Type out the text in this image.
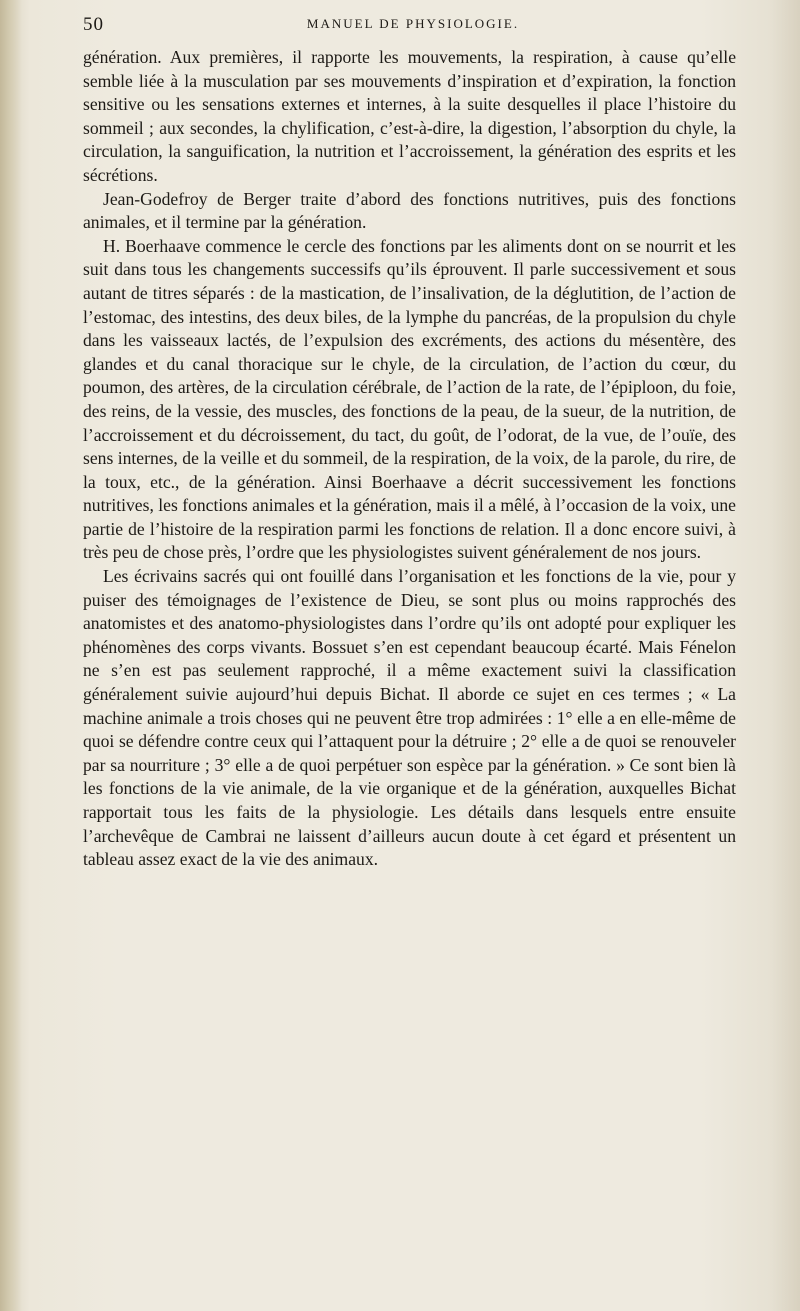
50	MANUEL DE PHYSIOLOGIE.

génération. Aux premières, il rapporte les mouvements, la respiration, à cause qu’elle semble liée à la musculation par ses mouvements d’inspiration et d’expiration, la fonction sensitive ou les sensations externes et internes, à la suite desquelles il place l’histoire du sommeil ; aux secondes, la chylification, c’est-à-dire, la digestion, l’absorption du chyle, la circulation, la sanguification, la nutrition et l’accroissement, la génération des esprits et les sécrétions.

Jean-Godefroy de Berger traite d’abord des fonctions nutritives, puis des fonctions animales, et il termine par la génération.

H. Boerhaave commence le cercle des fonctions par les aliments dont on se nourrit et les suit dans tous les changements successifs qu’ils éprouvent. Il parle successivement et sous autant de titres séparés : de la mastication, de l’insalivation, de la déglutition, de l’action de l’estomac, des intestins, des deux biles, de la lymphe du pancréas, de la propulsion du chyle dans les vaisseaux lactés, de l’expulsion des excréments, des actions du mésentère, des glandes et du canal thoracique sur le chyle, de la circulation, de l’action du cœur, du poumon, des artères, de la circulation cérébrale, de l’action de la rate, de l’épiploon, du foie, des reins, de la vessie, des muscles, des fonctions de la peau, de la sueur, de la nutrition, de l’accroissement et du décroissement, du tact, du goût, de l’odorat, de la vue, de l’ouïe, des sens internes, de la veille et du sommeil, de la respiration, de la voix, de la parole, du rire, de la toux, etc., de la génération. Ainsi Boerhaave a décrit successivement les fonctions nutritives, les fonctions animales et la génération, mais il a mêlé, à l’occasion de la voix, une partie de l’histoire de la respiration parmi les fonctions de relation. Il a donc encore suivi, à très peu de chose près, l’ordre que les physiologistes suivent généralement de nos jours.

Les écrivains sacrés qui ont fouillé dans l’organisation et les fonctions de la vie, pour y puiser des témoignages de l’existence de Dieu, se sont plus ou moins rapprochés des anatomistes et des anatomo-physiologistes dans l’ordre qu’ils ont adopté pour expliquer les phénomènes des corps vivants. Bossuet s’en est cependant beaucoup écarté. Mais Fénelon ne s’en est pas seulement rapproché, il a même exactement suivi la classification généralement suivie aujourd’hui depuis Bichat. Il aborde ce sujet en ces termes ; « La machine animale a trois choses qui ne peuvent être trop admirées : 1° elle a en elle-même de quoi se défendre contre ceux qui l’attaquent pour la détruire ; 2° elle a de quoi se renouveler par sa nourriture ; 3° elle a de quoi perpétuer son espèce par la génération. » Ce sont bien là les fonctions de la vie animale, de la vie organique et de la génération, auxquelles Bichat rapportait tous les faits de la physiologie. Les détails dans lesquels entre ensuite l’archevêque de Cambrai ne laissent d’ailleurs aucun doute à cet égard et présentent un tableau assez exact de la vie des animaux.
